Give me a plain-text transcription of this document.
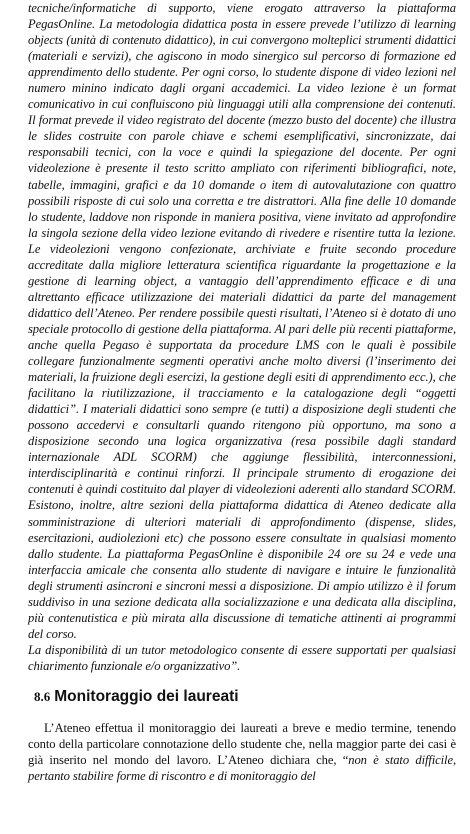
tecniche/informatiche di supporto, viene erogato attraverso la piattaforma PegasOnline. La metodologia didattica posta in essere prevede l’utilizzo di learning objects (unità di contenuto didattico), in cui convergono molteplici strumenti didattici (materiali e servizi), che agiscono in modo sinergico sul percorso di formazione ed apprendimento dello studente. Per ogni corso, lo studente dispone di video lezioni nel numero minino indicato dagli organi accademici. La video lezione è un format comunicativo in cui confluiscono più linguaggi utili alla comprensione dei contenuti. Il format prevede il video registrato del docente (mezzo busto del docente) che illustra le slides costruite con parole chiave e schemi esemplificativi, sincronizzate, dai responsabili tecnici, con la voce e quindi la spiegazione del docente. Per ogni videolezione è presente il testo scritto ampliato con riferimenti bibliografici, note, tabelle, immagini, grafici e da 10 domande o item di autovalutazione con quattro possibili risposte di cui solo una corretta e tre distrattori. Alla fine delle 10 domande lo studente, laddove non risponde in maniera positiva, viene invitato ad approfondire la singola sezione della video lezione evitando di rivedere e risentire tutta la lezione. Le videolezioni vengono confezionate, archiviate e fruite secondo procedure accreditate dalla migliore letteratura scientifica riguardante la progettazione e la gestione di learning object, a vantaggio dell’apprendimento efficace e di una altrettanto efficace utilizzazione dei materiali didattici da parte del management didattico dell’Ateneo. Per rendere possibile questi risultati, l’Ateneo si è dotato di uno speciale protocollo di gestione della piattaforma. Al pari delle più recenti piattaforme, anche quella Pegaso è supportata da procedure LMS con le quali è possibile collegare funzionalmente segmenti operativi anche molto diversi (l’inserimento dei materiali, la fruizione degli esercizi, la gestione degli esiti di apprendimento ecc.), che facilitano la riutilizzazione, il tracciamento e la catalogazione degli “oggetti didattici”. I materiali didattici sono sempre (e tutti) a disposizione degli studenti che possono accedervi e consultarli quando ritengono più opportuno, ma sono a disposizione secondo una logica organizzativa (resa possibile dagli standard internazionale ADL SCORM) che aggiunge flessibilità, interconnessioni, interdisciplinarità e continui rinforzi. Il principale strumento di erogazione dei contenuti è quindi costituito dal player di videolezioni aderenti allo standard SCORM. Esistono, inoltre, altre sezioni della piattaforma didattica di Ateneo dedicate alla somministrazione di ulteriori materiali di approfondimento (dispense, slides, esercitazioni, audiolezioni etc) che possono essere consultate in qualsiasi momento dallo studente. La piattaforma PegasOnline è disponibile 24 ore su 24 e vede una interfaccia amicale che consenta allo studente di navigare e intuire le funzionalità degli strumenti asincroni e sincroni messi a disposizione. Di ampio utilizzo è il forum suddiviso in una sezione dedicata alla socializzazione e una dedicata alla disciplina, più contenutistica e più mirata alla discussione di tematiche attinenti ai programmi del corso.
La disponibilità di un tutor metodologico consente di essere supportati per qualsiasi chiarimento funzionale e/o organizzativo”.
8.6 Monitoraggio dei laureati

L’Ateneo effettua il monitoraggio dei laureati a breve e medio termine, tenendo conto della particolare connotazione dello studente che, nella maggior parte dei casi è già inserito nel mondo del lavoro. L’Ateneo dichiara che, “non è stato difficile, pertanto stabilire forme di riscontro e di monitoraggio del
